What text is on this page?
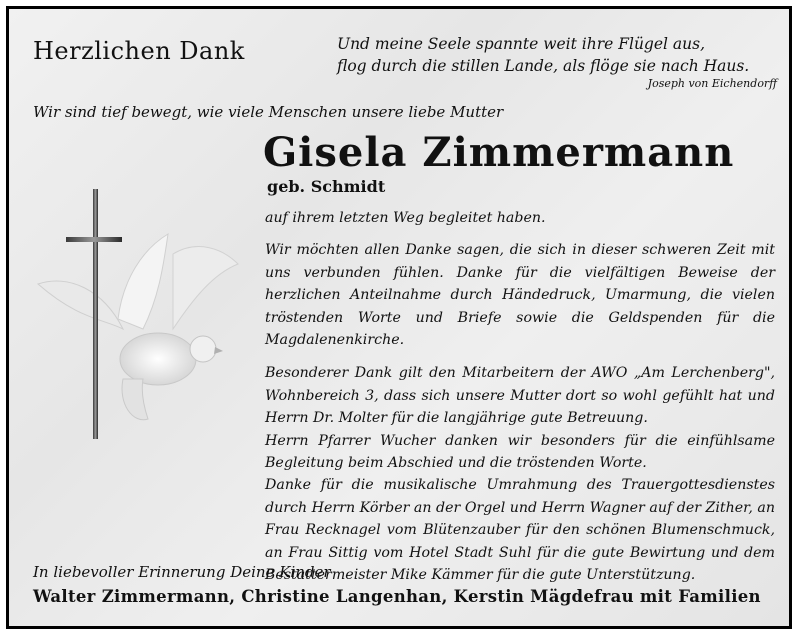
Herzlichen Dank	Und meine Seele spannte weit ihre Flügel aus,
flog durch die stillen Lande, als flöge sie nach Haus.
Joseph von Eichendorff
Wir sind tief bewegt, wie viele Menschen unsere liebe Mutter
Gisela Zimmermann
geb. Schmidt

auf ihrem letzten Weg begleitet haben.

Wir möchten allen Danke sagen, die sich in dieser schweren Zeit mit uns verbunden fühlen. Danke für die vielfältigen Beweise der herzlichen Anteilnahme durch Händedruck, Umarmung, die vielen tröstenden Worte und Briefe sowie die Geldspenden für die Magdalenenkirche.

Besonderer Dank gilt den Mitarbeitern der AWO „Am Lerchenberg", Wohnbereich 3, dass sich unsere Mutter dort so wohl gefühlt hat und Herrn Dr. Molter für die langjährige gute Betreuung.

Herrn Pfarrer Wucher danken wir besonders für die einfühlsame Begleitung beim Abschied und die tröstenden Worte.

Danke für die musikalische Umrahmung des Trauergottesdienstes durch Herrn Körber an der Orgel und Herrn Wagner auf der Zither, an Frau Recknagel vom Blütenzauber für den schönen Blumenschmuck, an Frau Sittig vom Hotel Stadt Suhl für die gute Bewirtung und dem Bestattermeister Mike Kämmer für die gute Unterstützung.

In liebevoller Erinnerung Deine Kinder
Walter Zimmermann, Christine Langenhan, Kerstin Mägdefrau mit Familien
